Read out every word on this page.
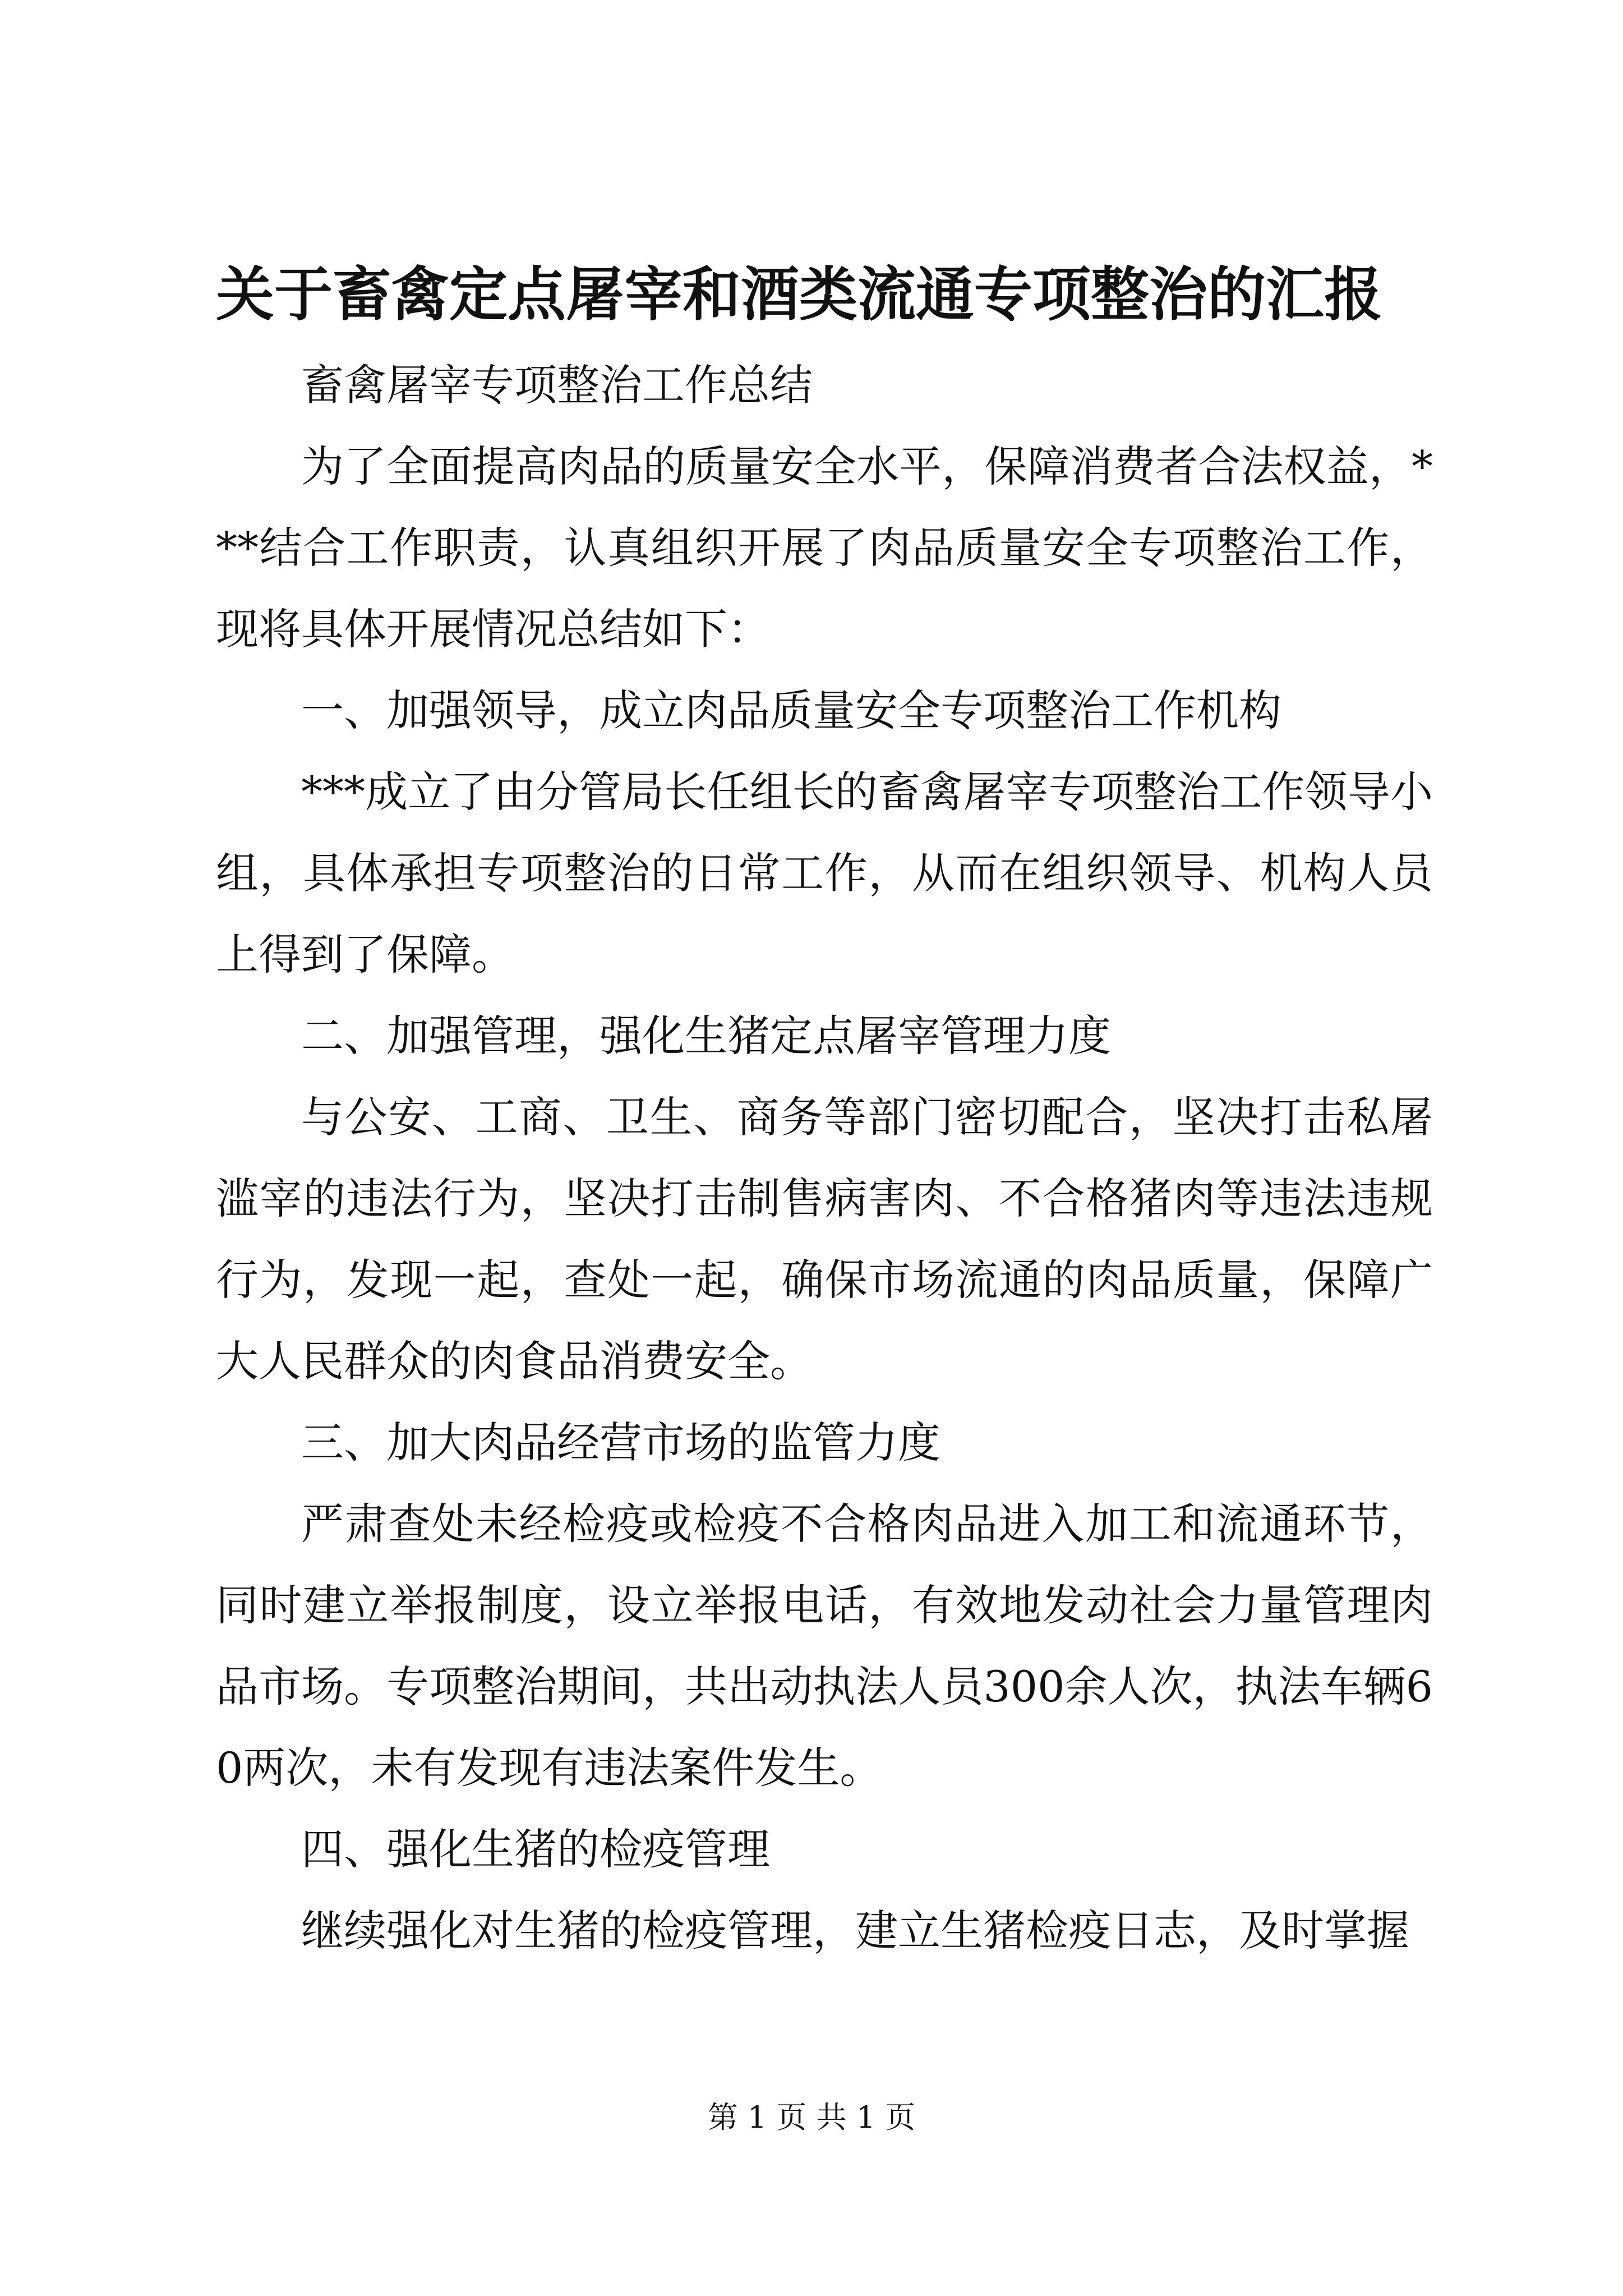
关于畜禽定点屠宰和酒类流通专项整治的汇报

畜禽屠宰专项整治工作总结

为了全面提高肉品的质量安全水平，保障消费者合法权益，***结合工作职责，认真组织开展了肉品质量安全专项整治工作，现将具体开展情况总结如下：

一、加强领导，成立肉品质量安全专项整治工作机构

***成立了由分管局长任组长的畜禽屠宰专项整治工作领导小组，具体承担专项整治的日常工作，从而在组织领导、机构人员上得到了保障。

二、加强管理，强化生猪定点屠宰管理力度

与公安、工商、卫生、商务等部门密切配合，坚决打击私屠滥宰的违法行为，坚决打击制售病害肉、不合格猪肉等违法违规行为，发现一起，查处一起，确保市场流通的肉品质量，保障广大人民群众的肉食品消费安全。

三、加大肉品经营市场的监管力度

严肃查处未经检疫或检疫不合格肉品进入加工和流通环节，同时建立举报制度，设立举报电话，有效地发动社会力量管理肉品市场。专项整治期间，共出动执法人员300余人次，执法车辆60两次，未有发现有违法案件发生。

四、强化生猪的检疫管理

继续强化对生猪的检疫管理，建立生猪检疫日志，及时掌握

第 1 页 共 1 页
